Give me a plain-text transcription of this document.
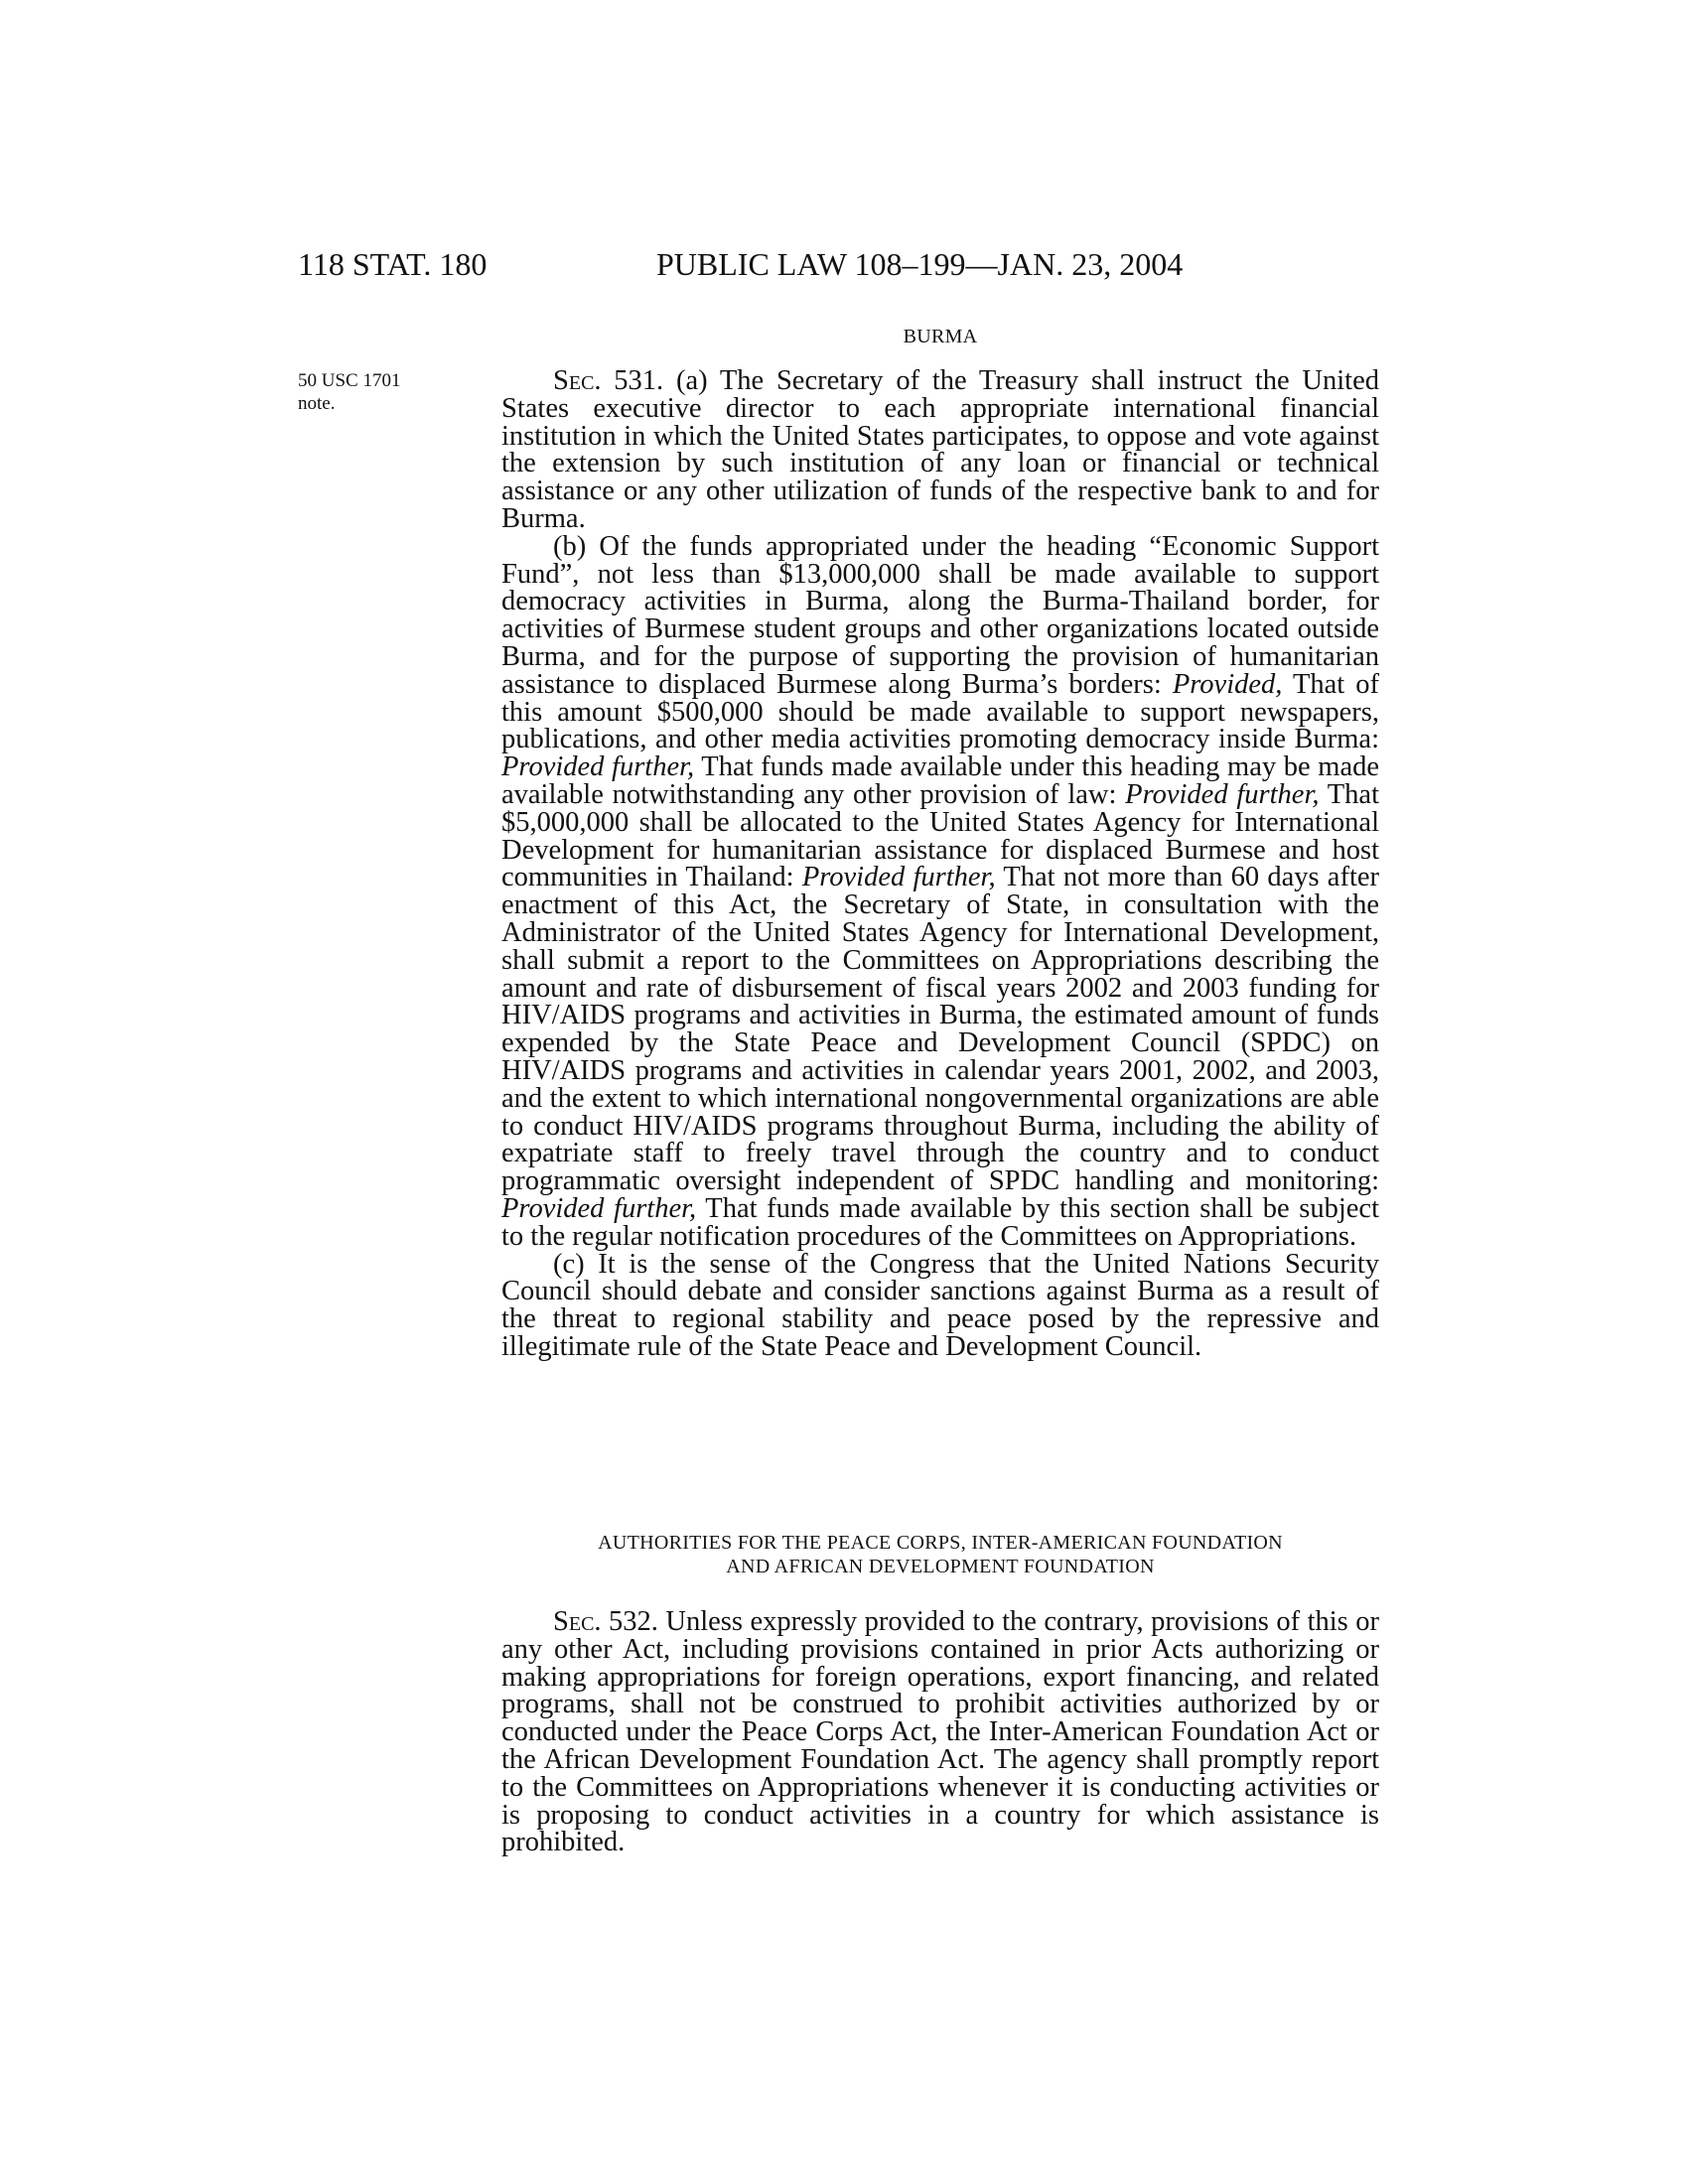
118 STAT. 180	PUBLIC LAW 108–199—JAN. 23, 2004
50 USC 1701
note.
BURMA

Sec. 531. (a) The Secretary of the Treasury shall instruct the United States executive director to each appropriate international financial institution in which the United States participates, to oppose and vote against the extension by such institution of any loan or financial or technical assistance or any other utilization of funds of the respective bank to and for Burma.

(b) Of the funds appropriated under the heading “Economic Support Fund”, not less than $13,000,000 shall be made available to support democracy activities in Burma, along the Burma-Thailand border, for activities of Burmese student groups and other organizations located outside Burma, and for the purpose of supporting the provision of humanitarian assistance to displaced Burmese along Burma’s borders: Provided, That of this amount $500,000 should be made available to support newspapers, publications, and other media activities promoting democracy inside Burma: Provided further, That funds made available under this heading may be made available notwithstanding any other provision of law: Provided further, That $5,000,000 shall be allocated to the United States Agency for International Development for humanitarian assistance for displaced Burmese and host communities in Thailand: Provided further, That not more than 60 days after enactment of this Act, the Secretary of State, in consultation with the Administrator of the United States Agency for International Development, shall submit a report to the Committees on Appropriations describing the amount and rate of disbursement of fiscal years 2002 and 2003 funding for HIV/AIDS programs and activities in Burma, the estimated amount of funds expended by the State Peace and Development Council (SPDC) on HIV/AIDS programs and activities in calendar years 2001, 2002, and 2003, and the extent to which international nongovernmental organizations are able to conduct HIV/AIDS programs throughout Burma, including the ability of expatriate staff to freely travel through the country and to conduct programmatic oversight independent of SPDC handling and monitoring: Provided further, That funds made available by this section shall be subject to the regular notification procedures of the Committees on Appropriations.

(c) It is the sense of the Congress that the United Nations Security Council should debate and consider sanctions against Burma as a result of the threat to regional stability and peace posed by the repressive and illegitimate rule of the State Peace and Development Council.

AUTHORITIES FOR THE PEACE CORPS, INTER-AMERICAN FOUNDATION
AND AFRICAN DEVELOPMENT FOUNDATION

Sec. 532. Unless expressly provided to the contrary, provisions of this or any other Act, including provisions contained in prior Acts authorizing or making appropriations for foreign operations, export financing, and related programs, shall not be construed to prohibit activities authorized by or conducted under the Peace Corps Act, the Inter-American Foundation Act or the African Development Foundation Act. The agency shall promptly report to the Committees on Appropriations whenever it is conducting activities or is proposing to conduct activities in a country for which assistance is prohibited.
